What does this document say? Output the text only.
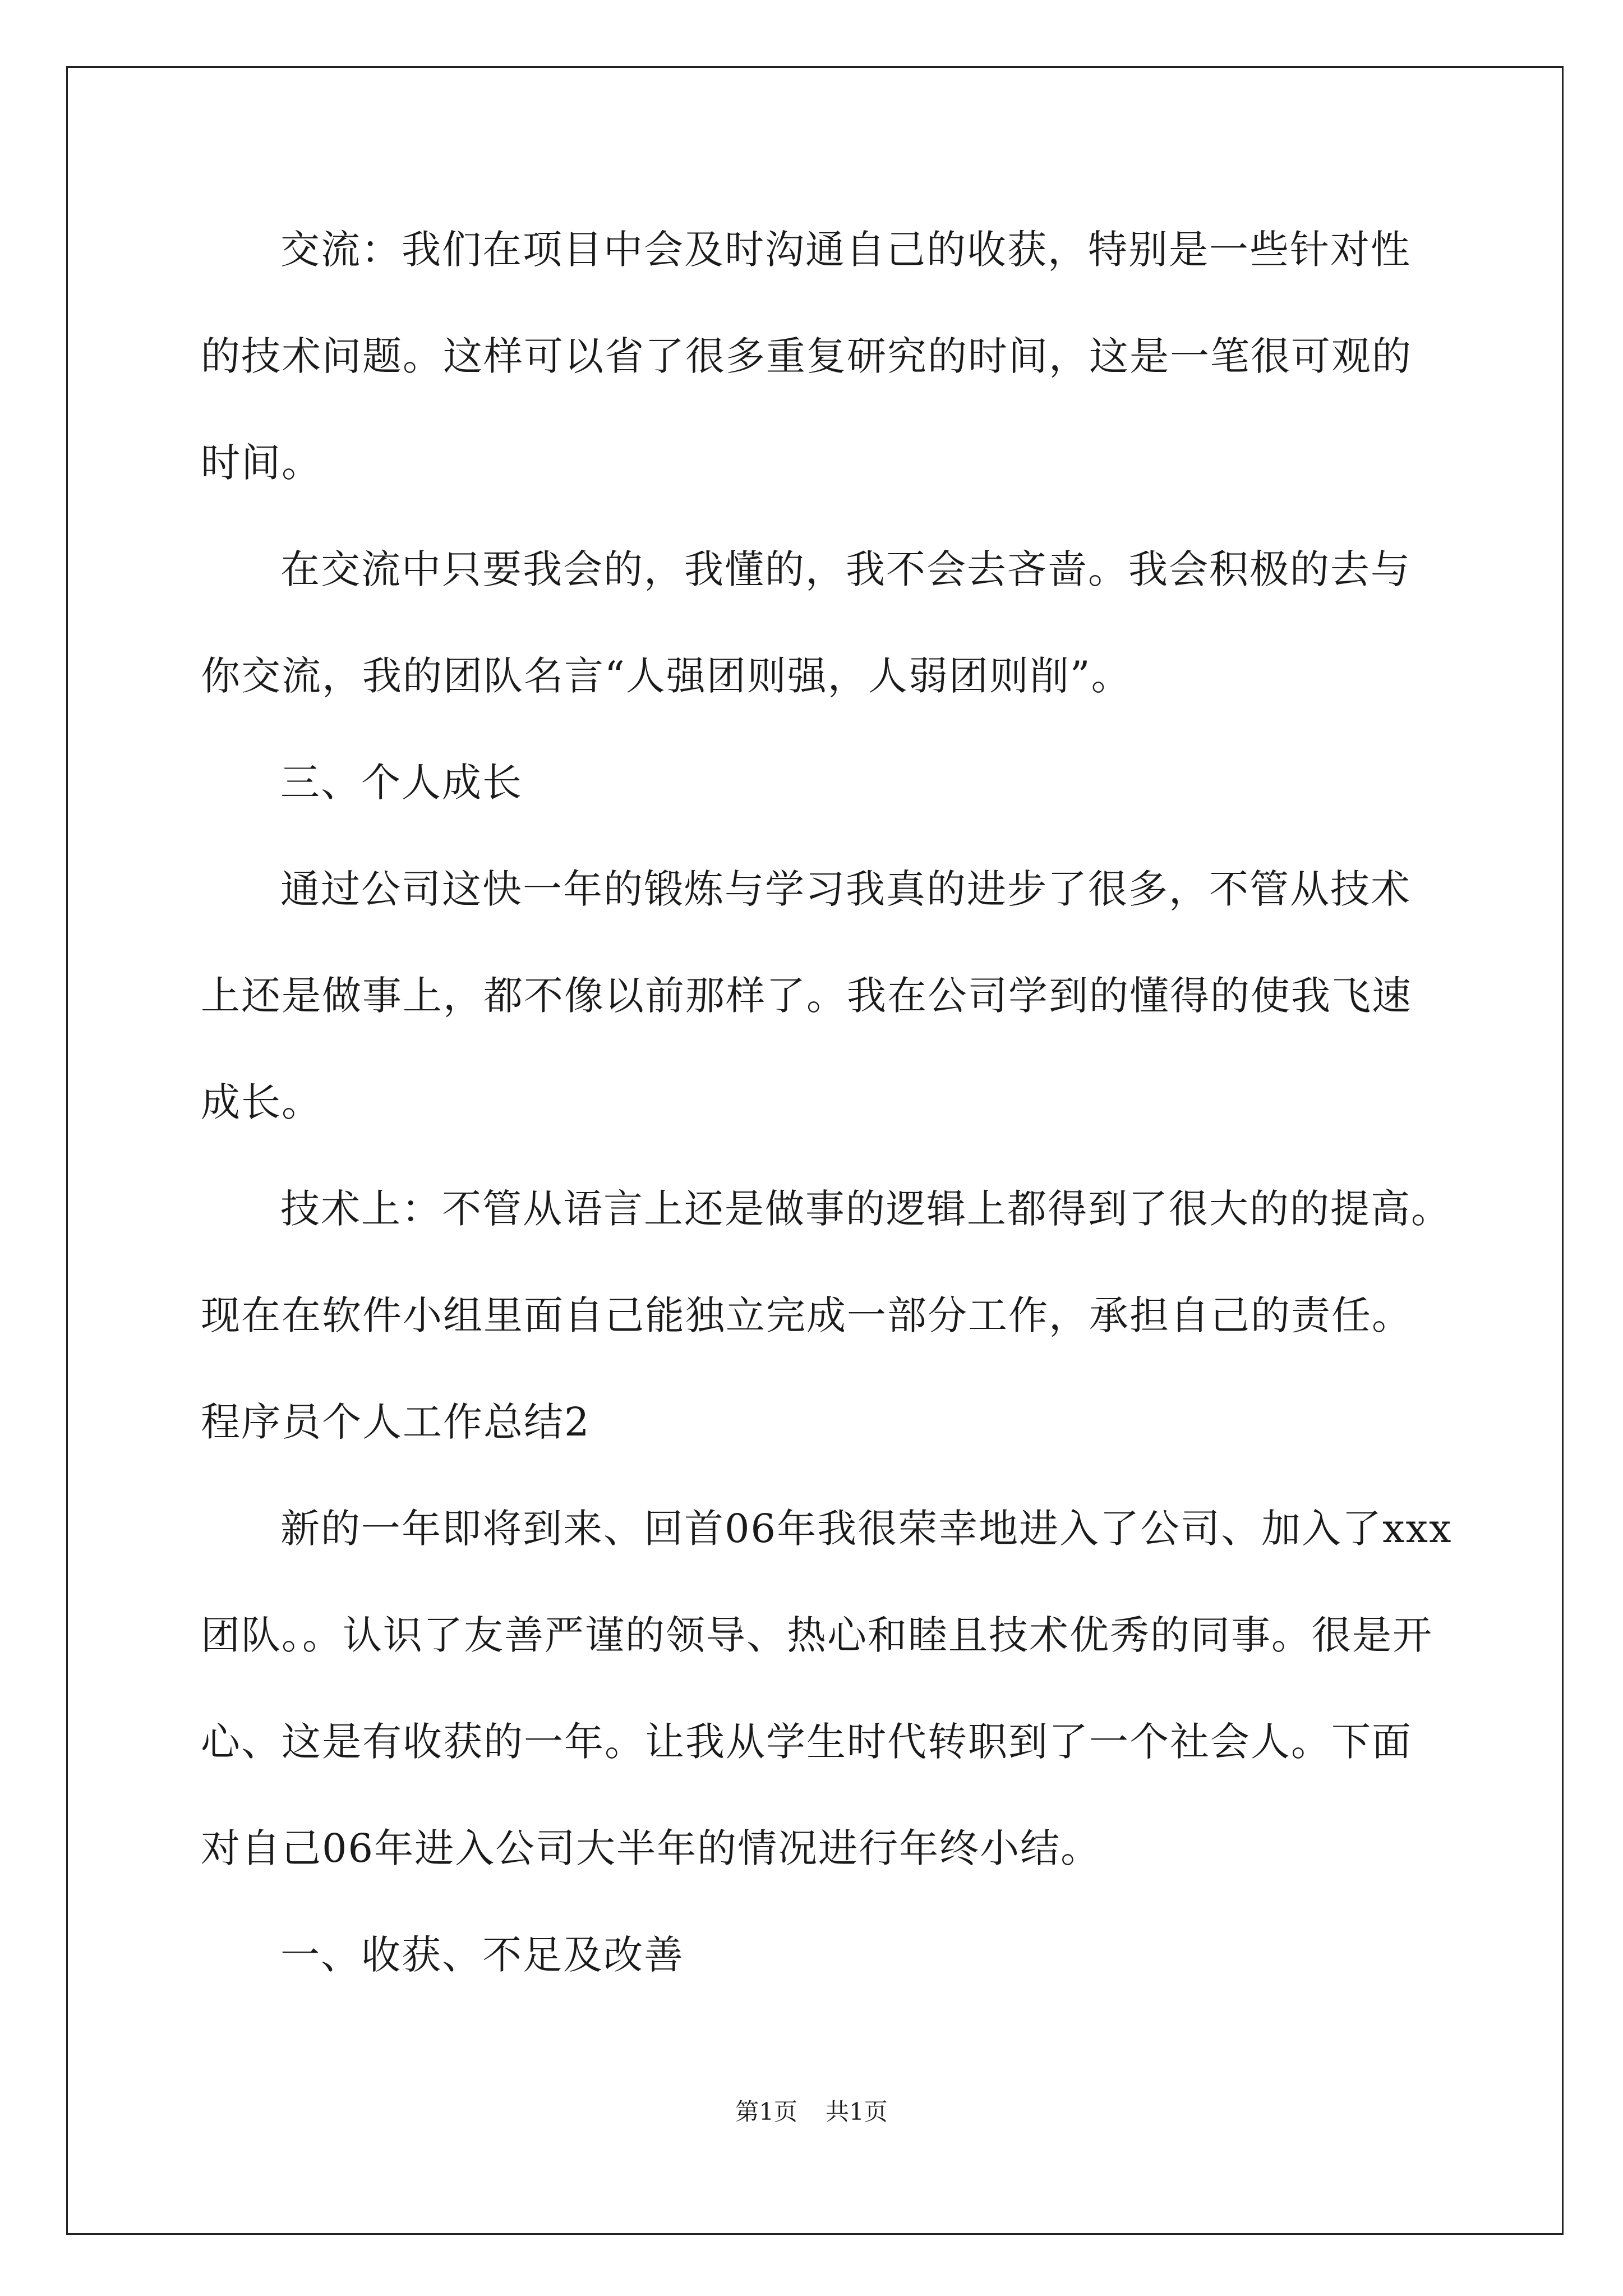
交流：我们在项目中会及时沟通自己的收获，特别是一些针对性
的技术问题。这样可以省了很多重复研究的时间，这是一笔很可观的
时间。
在交流中只要我会的，我懂的，我不会去吝啬。我会积极的去与
你交流，我的团队名言“人强团则强，人弱团则削”。
三、个人成长
通过公司这快一年的锻炼与学习我真的进步了很多，不管从技术
上还是做事上，都不像以前那样了。我在公司学到的懂得的使我飞速
成长。
技术上：不管从语言上还是做事的逻辑上都得到了很大的的提高。
现在在软件小组里面自己能独立完成一部分工作，承担自己的责任。
程序员个人工作总结2
新的一年即将到来、回首06年我很荣幸地进入了公司、加入了xxx
团队。。认识了友善严谨的领导、热心和睦且技术优秀的同事。很是开
心、这是有收获的一年。让我从学生时代转职到了一个社会人。下面
对自己06年进入公司大半年的情况进行年终小结。
一、收获、不足及改善
第1页 共1页
